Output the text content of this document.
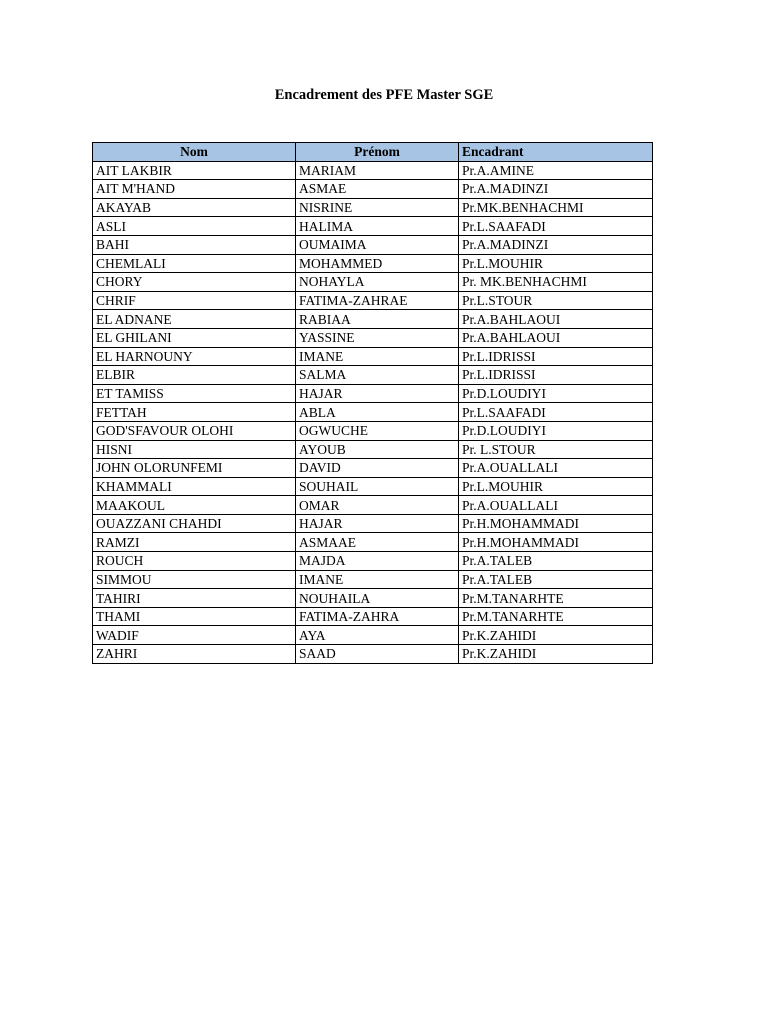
Encadrement des PFE Master SGE
Nom	Prénom	Encadrant
AIT LAKBIR	MARIAM	Pr.A.AMINE
AIT M'HAND	ASMAE	Pr.A.MADINZI
AKAYAB	NISRINE	Pr.MK.BENHACHMI
ASLI	HALIMA	Pr.L.SAAFADI
BAHI	OUMAIMA	Pr.A.MADINZI
CHEMLALI	MOHAMMED	Pr.L.MOUHIR
CHORY	NOHAYLA	Pr. MK.BENHACHMI
CHRIF	FATIMA-ZAHRAE	Pr.L.STOUR
EL ADNANE	RABIAA	Pr.A.BAHLAOUI
EL GHILANI	YASSINE	Pr.A.BAHLAOUI
EL HARNOUNY	IMANE	Pr.L.IDRISSI
ELBIR	SALMA	Pr.L.IDRISSI
ET TAMISS	HAJAR	Pr.D.LOUDIYI
FETTAH	ABLA	Pr.L.SAAFADI
GOD'SFAVOUR OLOHI	OGWUCHE	Pr.D.LOUDIYI
HISNI	AYOUB	Pr. L.STOUR
JOHN OLORUNFEMI	DAVID	Pr.A.OUALLALI
KHAMMALI	SOUHAIL	Pr.L.MOUHIR
MAAKOUL	OMAR	Pr.A.OUALLALI
OUAZZANI CHAHDI	HAJAR	Pr.H.MOHAMMADI
RAMZI	ASMAAE	Pr.H.MOHAMMADI
ROUCH	MAJDA	Pr.A.TALEB
SIMMOU	IMANE	Pr.A.TALEB
TAHIRI	NOUHAILA	Pr.M.TANARHTE
THAMI	FATIMA-ZAHRA	Pr.M.TANARHTE
WADIF	AYA	Pr.K.ZAHIDI
ZAHRI	SAAD	Pr.K.ZAHIDI
